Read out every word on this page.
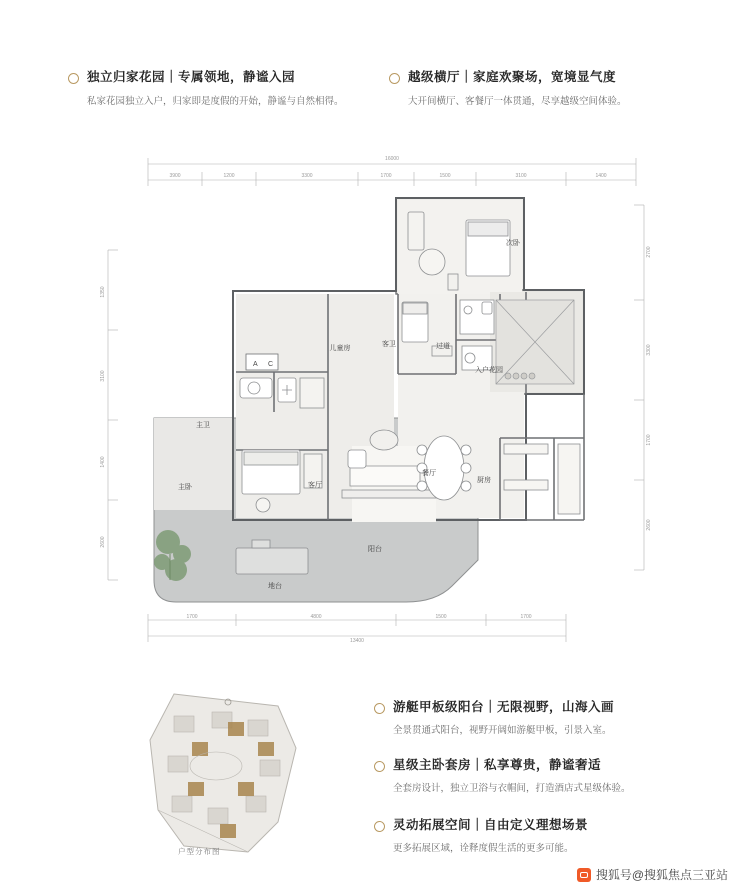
独立归家花园｜专属领地，静谧入园
私家花园独立入户，归家即是度假的开始，静谧与自然相得。
越级横厅｜家庭欢聚场，宽境显气度
大开间横厅、客餐厅一体贯通，尽享越级空间体验。
16000
3900	1200	3300	1700	1500	3100	1400
1350
3100
1400
2600
2700
3300
1700
2600
1700	4800	1500	1700
13400
A C
次卧
儿童房
客卫	过道
入户花园
主卫
主卧	客厅
餐厅
厨房
阳台
地台
游艇甲板级阳台｜无限视野，山海入画
全景贯通式阳台，视野开阔如游艇甲板，引景入室。
星级主卧套房｜私享尊贵，静谧奢适
全套房设计，独立卫浴与衣帽间，打造酒店式星级体验。
灵动拓展空间｜自由定义理想场景
更多拓展区域，诠释度假生活的更多可能。
户型分布图
搜狐号@搜狐焦点三亚站
